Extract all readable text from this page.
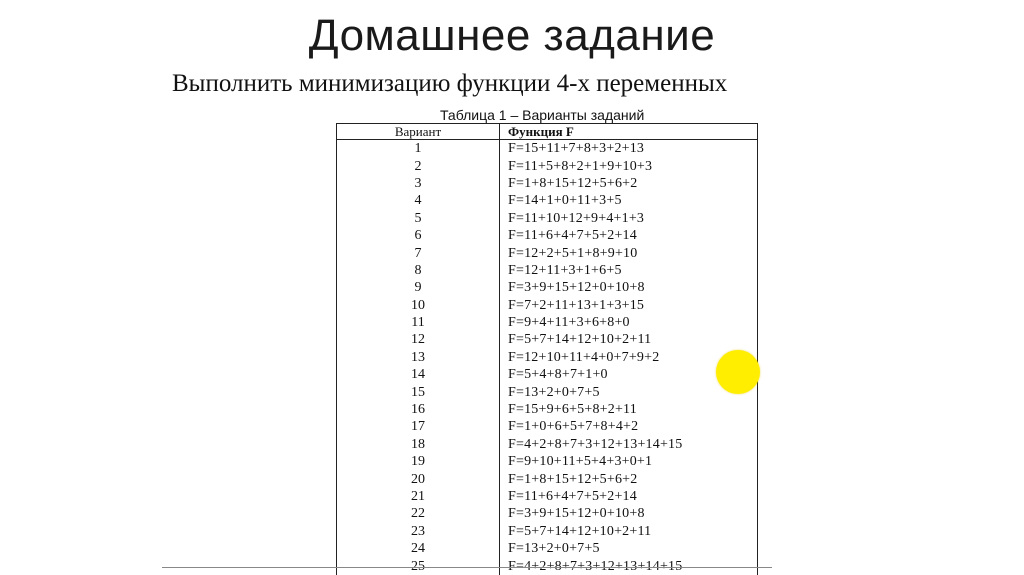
Домашнее задание
Выполнить минимизацию функции 4-х переменных
Таблица 1 – Варианты заданий
Вариант	Функция F
1	F=15+11+7+8+3+2+13
2	F=11+5+8+2+1+9+10+3
3	F=1+8+15+12+5+6+2
4	F=14+1+0+11+3+5
5	F=11+10+12+9+4+1+3
6	F=11+6+4+7+5+2+14
7	F=12+2+5+1+8+9+10
8	F=12+11+3+1+6+5
9	F=3+9+15+12+0+10+8
10	F=7+2+11+13+1+3+15
11	F=9+4+11+3+6+8+0
12	F=5+7+14+12+10+2+11
13	F=12+10+11+4+0+7+9+2
14	F=5+4+8+7+1+0
15	F=13+2+0+7+5
16	F=15+9+6+5+8+2+11
17	F=1+0+6+5+7+8+4+2
18	F=4+2+8+7+3+12+13+14+15
19	F=9+10+11+5+4+3+0+1
20	F=1+8+15+12+5+6+2
21	F=11+6+4+7+5+2+14
22	F=3+9+15+12+0+10+8
23	F=5+7+14+12+10+2+11
24	F=13+2+0+7+5
25	F=4+2+8+7+3+12+13+14+15
